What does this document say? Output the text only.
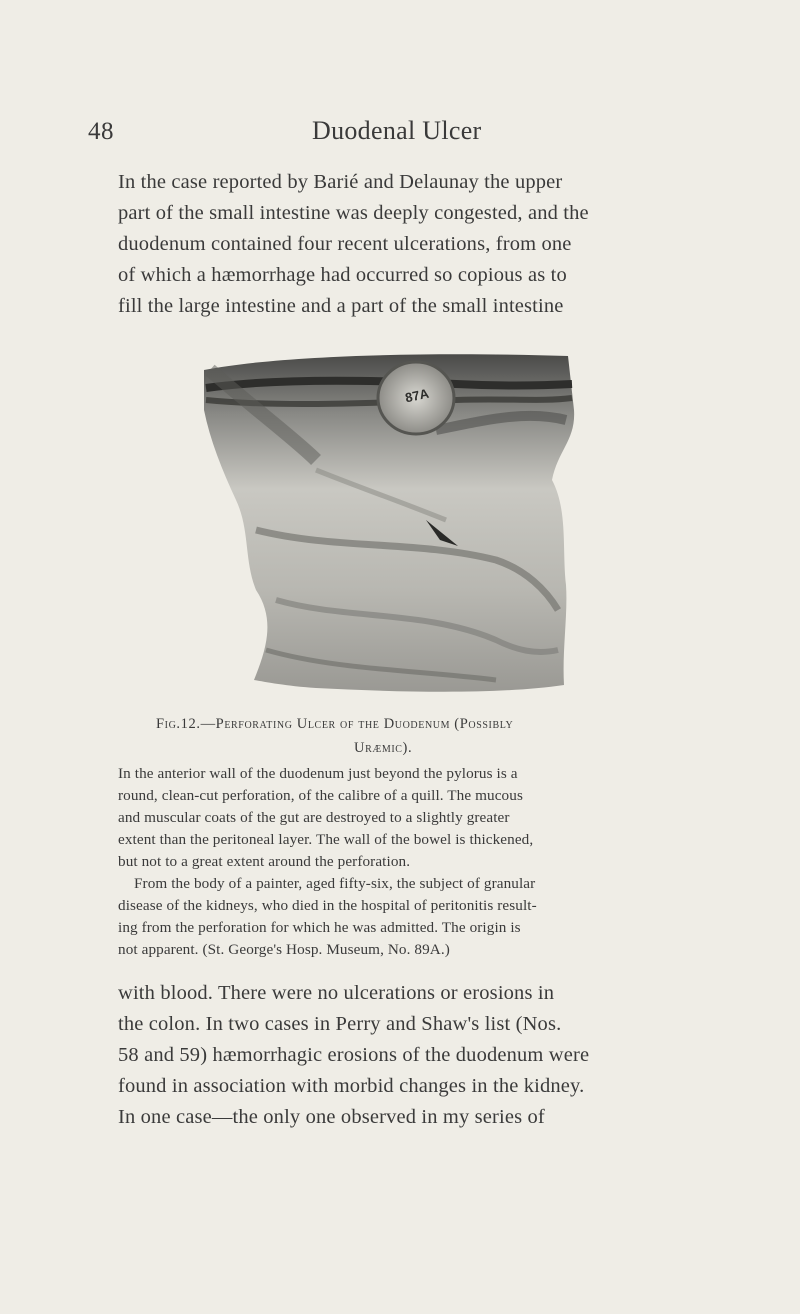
48	Duodenal Ulcer
In the case reported by Barié and Delaunay the upper
part of the small intestine was deeply congested, and the
duodenum contained four recent ulcerations, from one
of which a hæmorrhage had occurred so copious as to
fill the large intestine and a part of the small intestine
87A
Fig.12.—Perforating Ulcer of the Duodenum (Possibly
Uræmic).
In the anterior wall of the duodenum just beyond the pylorus is a
round, clean-cut perforation, of the calibre of a quill. The mucous
and muscular coats of the gut are destroyed to a slightly greater
extent than the peritoneal layer. The wall of the bowel is thickened,
but not to a great extent around the perforation.
From the body of a painter, aged fifty-six, the subject of granular
disease of the kidneys, who died in the hospital of peritonitis result-
ing from the perforation for which he was admitted. The origin is
not apparent. (St. George's Hosp. Museum, No. 89A.)
with blood. There were no ulcerations or erosions in
the colon. In two cases in Perry and Shaw's list (Nos.
58 and 59) hæmorrhagic erosions of the duodenum were
found in association with morbid changes in the kidney.
In one case—the only one observed in my series of
